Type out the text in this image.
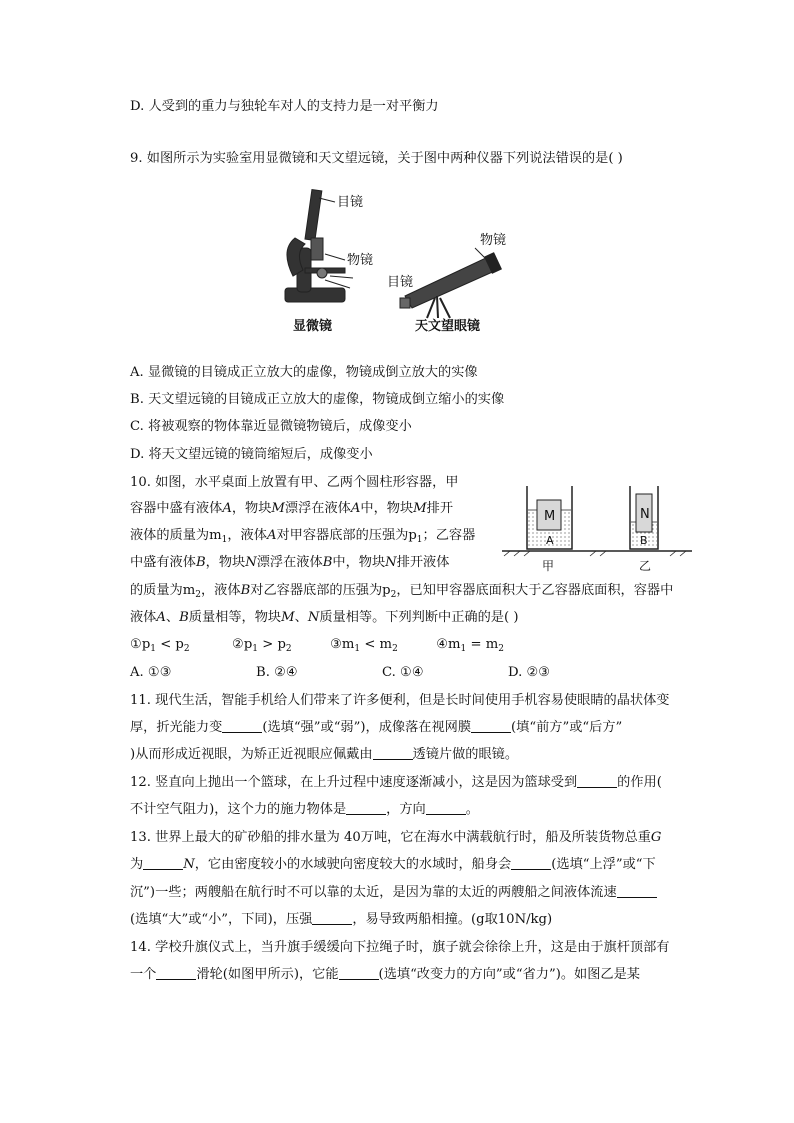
D. 人受到的重力与独轮车对人的支持力是一对平衡力
9. 如图所示为实验室用显微镜和天文望远镜，关于图中两种仪器下列说法错误的是( )
目镜
物镜
显微镜
物镜
目镜
天文望眼镜
A. 显微镜的目镜成正立放大的虚像，物镜成倒立放大的实像
B. 天文望远镜的目镜成正立放大的虚像，物镜成倒立缩小的实像
C. 将被观察的物体靠近显微镜物镜后，成像变小
D. 将天文望远镜的镜筒缩短后，成像变小
M
A
甲
N
B
乙
10. 如图，水平桌面上放置有甲、乙两个圆柱形容器，甲
容器中盛有液体A，物块M漂浮在液体A中，物块M排开
液体的质量为$m_1$，液体A对甲容器底部的压强为$p_1$；乙容器
中盛有液体B，物块N漂浮在液体B中，物块N排开液体
的质量为$m_2$，液体B对乙容器底部的压强为$p_2$，已知甲容器底面积大于乙容器底面积，容器中
液体A、B质量相等，物块M、N质量相等。下列判断中正确的是( )
$①p_1 < p_2$	$②p_1 > p_2$	$③m_1 < m_2$	$④m_1 = m_2$
A. ①③	B. ②④	C. ①④	D. ②③
11. 现代生活，智能手机给人们带来了许多便利，但是长时间使用手机容易使眼睛的晶状体变
厚，折光能力变	(选填“强”或“弱”)，成像落在视网膜	(填“前方”或“后方”
)从而形成近视眼，为矫正近视眼应佩戴由	透镜片做的眼镜。
12. 竖直向上抛出一个篮球，在上升过程中速度逐渐减小，这是因为篮球受到	的作用(
不计空气阻力)，这个力的施力物体是	，方向	。
13. 世界上最大的矿砂船的排水量为 40万吨，它在海水中满载航行时，船及所装货物总重G
为	N，它由密度较小的水域驶向密度较大的水域时，船身会	(选填“上浮”或“下
沉”)一些；两艘船在航行时不可以靠的太近，是因为靠的太近的两艘船之间液体流速
(选填“大”或“小”，下同)，压强	，易导致两船相撞。(g取10N/kg)
14. 学校升旗仪式上，当升旗手缓缓向下拉绳子时，旗子就会徐徐上升，这是由于旗杆顶部有
一个	滑轮(如图甲所示)，它能	(选填“改变力的方向”或“省力”)。如图乙是某
